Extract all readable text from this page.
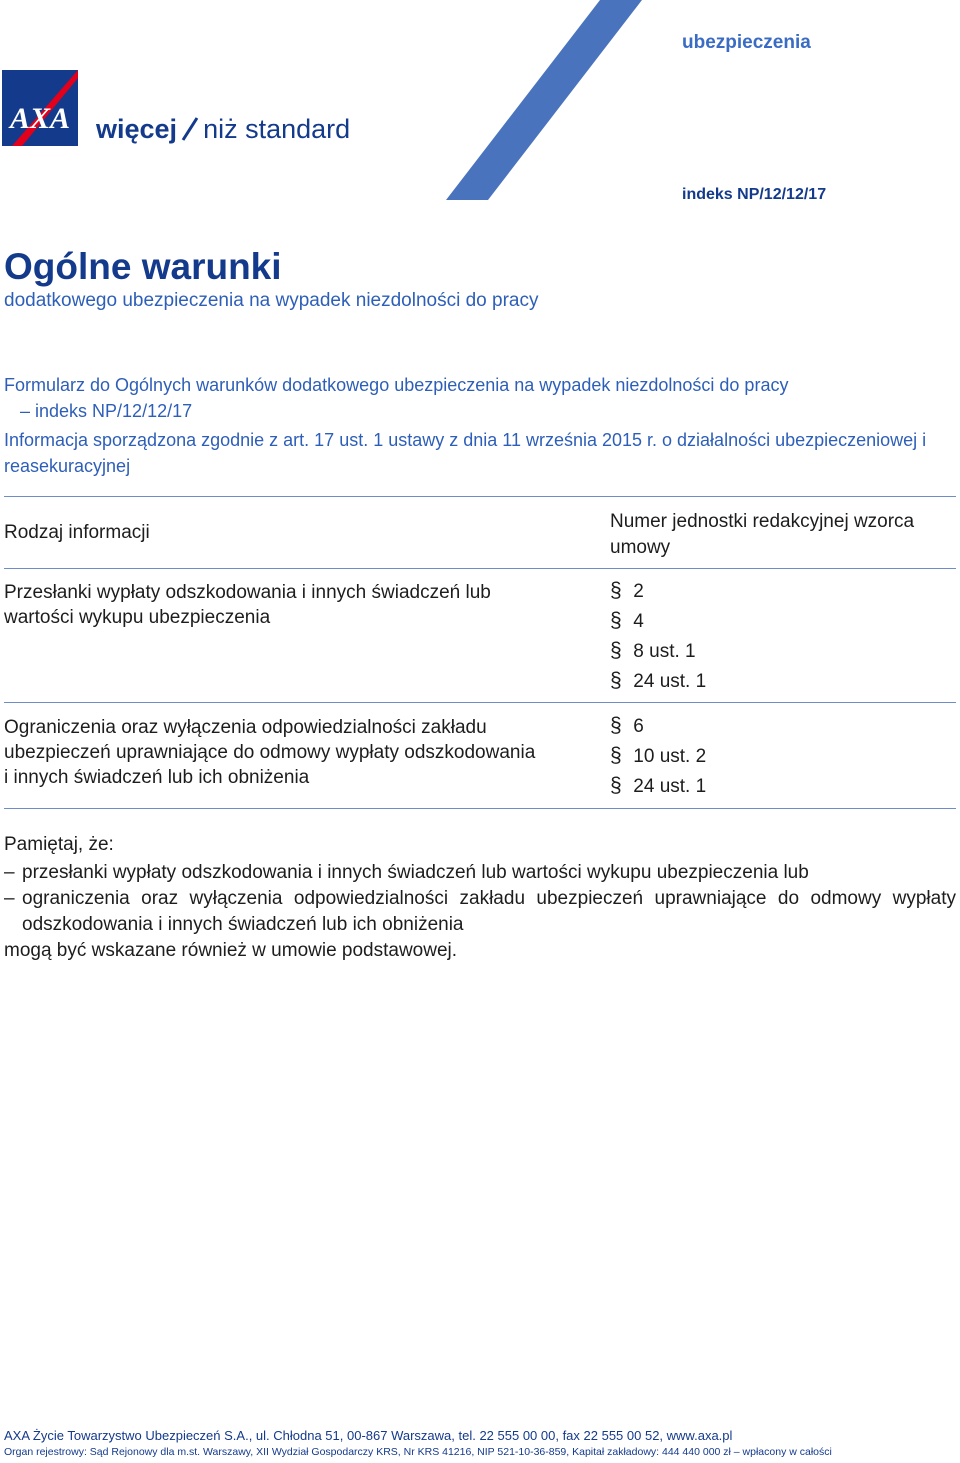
AXA więcej niż standard
ubezpieczenia
indeks NP/12/12/17
Ogólne warunki
dodatkowego ubezpieczenia na wypadek niezdolności do pracy
Formularz do Ogólnych warunków dodatkowego ubezpieczenia na wypadek niezdolności do pracy
– indeks NP/12/12/17
Informacja sporządzona zgodnie z art. 17 ust. 1 ustawy z dnia 11 września 2015 r. o działalności ubezpieczeniowej i reasekuracyjnej
Rodzaj informacji
Numer jednostki redakcyjnej wzorca umowy
Przesłanki wypłaty odszkodowania i innych świadczeń lub wartości wykupu ubezpieczenia
§ 2
§ 4
§ 8 ust. 1
§ 24 ust. 1
Ograniczenia oraz wyłączenia odpowiedzialności zakładu ubezpieczeń uprawniające do odmowy wypłaty odszkodowania i innych świadczeń lub ich obniżenia
§ 6
§ 10 ust. 2
§ 24 ust. 1
Pamiętaj, że:
– przesłanki wypłaty odszkodowania i innych świadczeń lub wartości wykupu ubezpieczenia lub
– ograniczenia oraz wyłączenia odpowiedzialności zakładu ubezpieczeń uprawniające do odmowy wypłaty odszkodowania i innych świadczeń lub ich obniżenia
mogą być wskazane również w umowie podstawowej.
AXA Życie Towarzystwo Ubezpieczeń S.A., ul. Chłodna 51, 00-867 Warszawa, tel. 22 555 00 00, fax 22 555 00 52, www.axa.pl
Organ rejestrowy: Sąd Rejonowy dla m.st. Warszawy, XII Wydział Gospodarczy KRS, Nr KRS 41216, NIP 521-10-36-859, Kapitał zakładowy: 444 440 000 zł – wpłacony w całości
